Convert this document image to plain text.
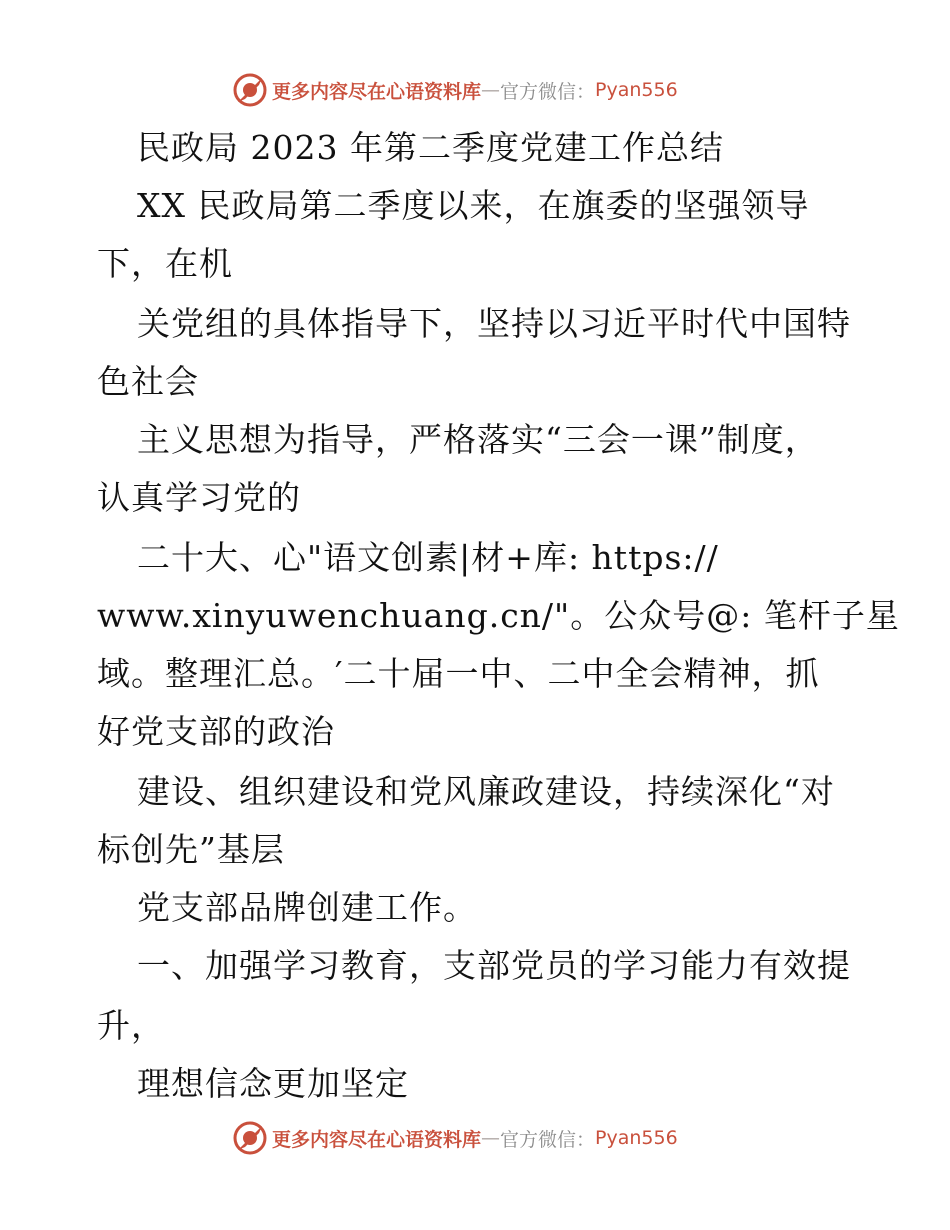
更多内容尽在心语资料库 — 官方微信： Pyan556
民政局 2023 年第二季度党建工作总结
XX 民政局第二季度以来，在旗委的坚强领导
下，在机
关党组的具体指导下，坚持以习近平时代中国特
色社会
主义思想为指导，严格落实“三会一课”制度，
认真学习党的
二十大、心"语文创素|材+库: https://
www.xinyuwenchuang.cn/"。公众号@: 笔杆子星
域。整理汇总。′二十届一中、二中全会精神，抓
好党支部的政治
建设、组织建设和党风廉政建设，持续深化“对
标创先”基层
党支部品牌创建工作。
一、加强学习教育，支部党员的学习能力有效提
升，
理想信念更加坚定
更多内容尽在心语资料库 — 官方微信： Pyan556
